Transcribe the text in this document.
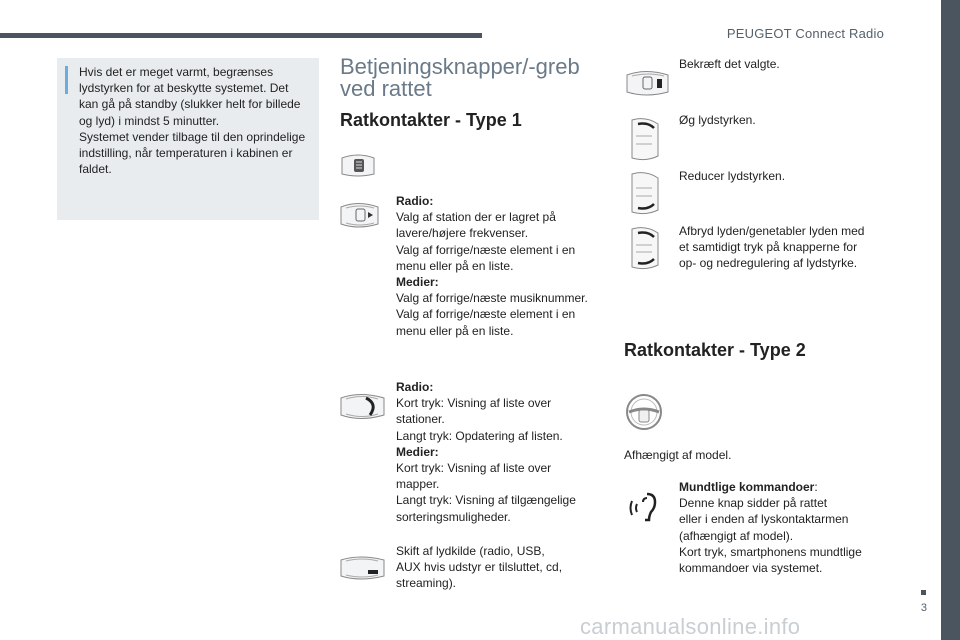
PEUGEOT Connect Radio
3

Hvis det er meget varmt, begrænses

lydstyrken for at beskytte systemet. Det

kan gå på standby (slukker helt for billede

og lyd) i mindst 5 minutter.

Systemet vender tilbage til den oprindelige

indstilling, når temperaturen i kabinen er

faldet.

Betjeningsknapper/-greb
ved rattet
Ratkontakter - Type 1

Radio:

Valg af station der er lagret på

lavere/højere frekvenser.

Valg af forrige/næste element i en

menu eller på en liste.

Medier:

Valg af forrige/næste musiknummer.

Valg af forrige/næste element i en

menu eller på en liste.

Radio:

Kort tryk: Visning af liste over

stationer.

Langt tryk: Opdatering af listen.

Medier:

Kort tryk: Visning af liste over

mapper.

Langt tryk: Visning af tilgængelige

sorteringsmuligheder.

Skift af lydkilde (radio, USB,

AUX hvis udstyr er tilsluttet, cd,

streaming).

Bekræft det valgte.

Øg lydstyrken.

Reducer lydstyrken.

Afbryd lyden/genetabler lyden med

et samtidigt tryk på knapperne for

op- og nedregulering af lydstyrke.

Ratkontakter - Type 2
Afhængigt af model.

Mundtlige kommandoer:

Denne knap sidder på rattet

eller i enden af lyskontaktarmen

(afhængigt af model).

Kort tryk, smartphonens mundtlige

kommandoer via systemet.

carmanualsonline.info
